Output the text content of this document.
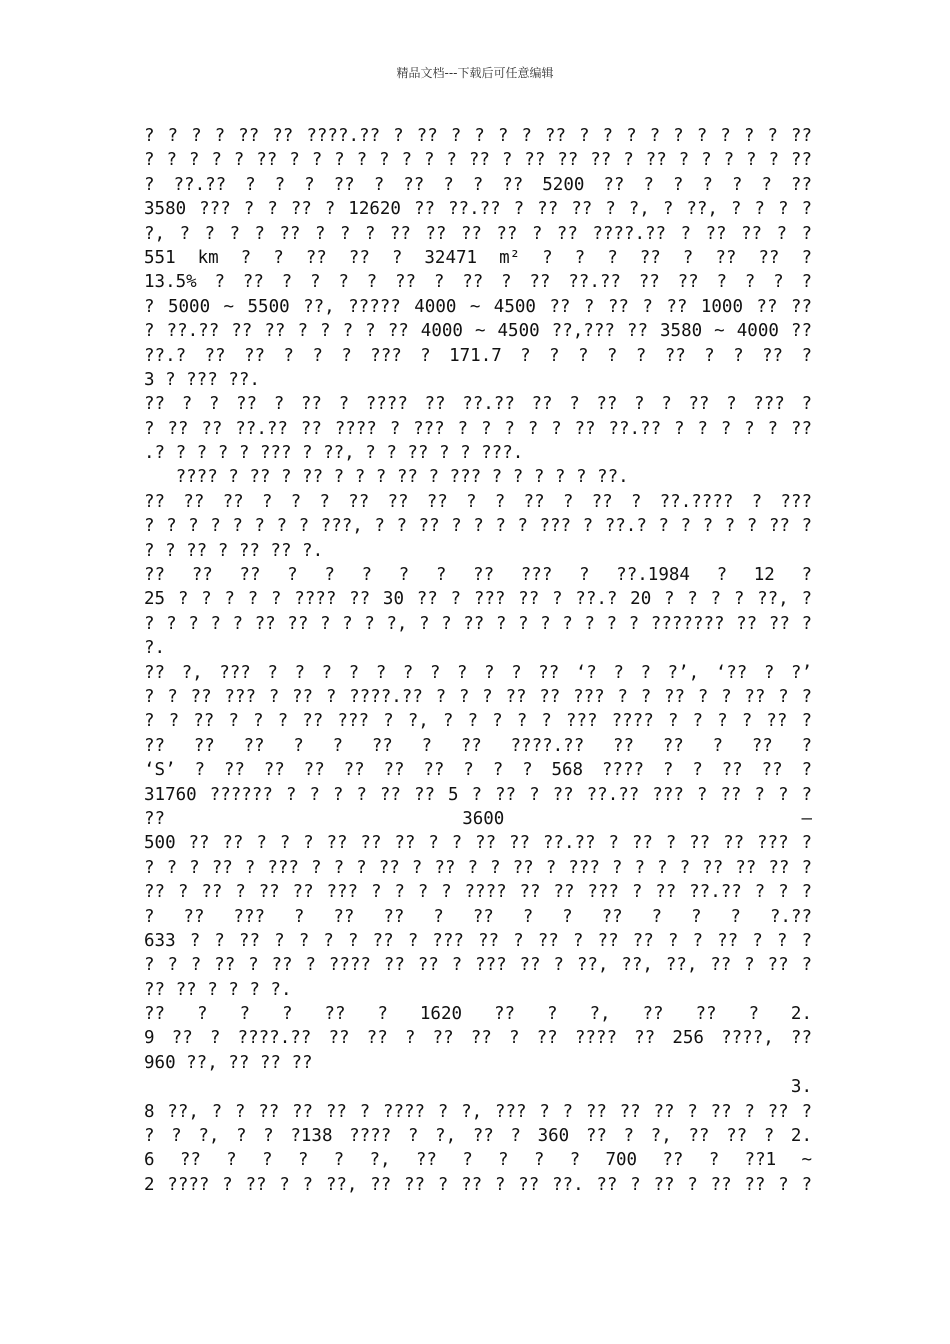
精品文档---下载后可任意编辑
? ? ? ? ?? ?? ????.?? ? ?? ? ? ? ? ?? ? ? ? ? ? ? ? ? ? ??
? ? ? ? ? ?? ? ? ? ? ? ? ? ? ?? ? ?? ?? ?? ? ?? ? ? ? ? ? ??
? ??.?? ? ? ? ?? ? ?? ? ? ?? 5200 ?? ? ? ? ? ? ??
3580 ??? ? ? ?? ? 12620 ?? ??.?? ? ?? ?? ? ?, ? ??, ? ? ? ?
?, ? ? ? ? ?? ? ? ? ?? ?? ?? ?? ? ?? ????.?? ? ?? ?? ? ?
551 km ? ? ?? ?? ? 32471 m² ? ? ? ?? ? ?? ?? ?
13.5% ? ?? ? ? ? ? ?? ? ?? ? ?? ??.?? ?? ?? ? ? ? ?
? 5000 ~ 5500 ??, ????? 4000 ~ 4500 ?? ? ?? ? ?? 1000 ?? ??
? ??.?? ?? ?? ? ? ? ? ?? 4000 ~ 4500 ??,??? ?? 3580 ~ 4000 ??
??.? ?? ?? ? ? ? ??? ? 171.7 ? ? ? ? ? ?? ? ? ?? ?
3 ? ??? ??.
?? ? ? ?? ? ?? ? ???? ?? ??.?? ?? ? ?? ? ? ?? ? ??? ?
? ?? ?? ??.?? ?? ???? ? ??? ? ? ? ? ? ?? ??.?? ? ? ? ? ? ??
.? ? ? ? ? ??? ? ??, ? ? ?? ? ? ???.
???? ? ?? ? ?? ? ? ? ?? ? ??? ? ? ? ? ? ??.
?? ?? ?? ? ? ? ?? ?? ?? ? ? ?? ? ?? ? ??.???? ? ???
? ? ? ? ? ? ? ? ???, ? ? ?? ? ? ? ? ??? ? ??.? ? ? ? ? ? ?? ?
? ? ?? ? ?? ?? ?.
?? ?? ?? ? ? ? ? ? ?? ??? ? ??.1984 ? 12 ?
25 ? ? ? ? ? ???? ?? 30 ?? ? ??? ?? ? ??.? 20 ? ? ? ? ??, ?
? ? ? ? ? ?? ?? ? ? ? ?, ? ? ?? ? ? ? ? ? ? ? ??????? ?? ?? ?
?.
?? ?, ??? ? ? ? ? ? ? ? ? ? ? ?? ‘? ? ? ?’, ‘?? ? ?’
? ? ?? ??? ? ?? ? ????.?? ? ? ? ?? ?? ??? ? ? ?? ? ? ?? ? ?
? ? ?? ? ? ? ?? ??? ? ?, ? ? ? ? ? ??? ???? ? ? ? ? ?? ?
?? ?? ?? ? ? ?? ? ?? ????.?? ?? ?? ? ?? ?
‘S’ ? ?? ?? ?? ?? ?? ?? ? ? ? 568 ???? ? ? ?? ?? ?
31760 ?????? ? ? ? ? ?? ?? 5 ? ?? ? ?? ??.?? ??? ? ?? ? ? ?
?? 3600 –
500 ?? ?? ? ? ? ?? ?? ?? ? ? ?? ?? ??.?? ? ?? ? ?? ?? ??? ?
? ? ? ?? ? ??? ? ? ? ?? ? ?? ? ? ?? ? ??? ? ? ? ? ?? ?? ?? ?
?? ? ?? ? ?? ?? ??? ? ? ? ? ???? ?? ?? ??? ? ?? ??.?? ? ? ?
? ?? ??? ? ?? ?? ? ?? ? ? ?? ? ? ? ?.??
633 ? ? ?? ? ? ? ? ?? ? ??? ?? ? ?? ? ?? ?? ? ? ?? ? ? ?
? ? ? ?? ? ?? ? ???? ?? ?? ? ??? ?? ? ??, ??, ??, ?? ? ?? ?
?? ?? ? ? ? ?.
?? ? ? ? ?? ? 1620 ?? ? ?, ?? ?? ? 2.
9 ?? ? ????.?? ?? ?? ? ?? ?? ? ?? ???? ?? 256 ????, ??
960 ??, ?? ?? ??
3.
8 ??, ? ? ?? ?? ?? ? ???? ? ?, ??? ? ? ?? ?? ?? ? ?? ? ?? ?
? ? ?, ? ? ?138 ???? ? ?, ?? ? 360 ?? ? ?, ?? ?? ? 2.
6 ?? ? ? ? ? ?, ?? ? ? ? ? 700 ?? ? ??1 ~
2 ???? ? ?? ? ? ??, ?? ?? ? ?? ? ?? ??. ?? ? ?? ? ?? ?? ? ?
